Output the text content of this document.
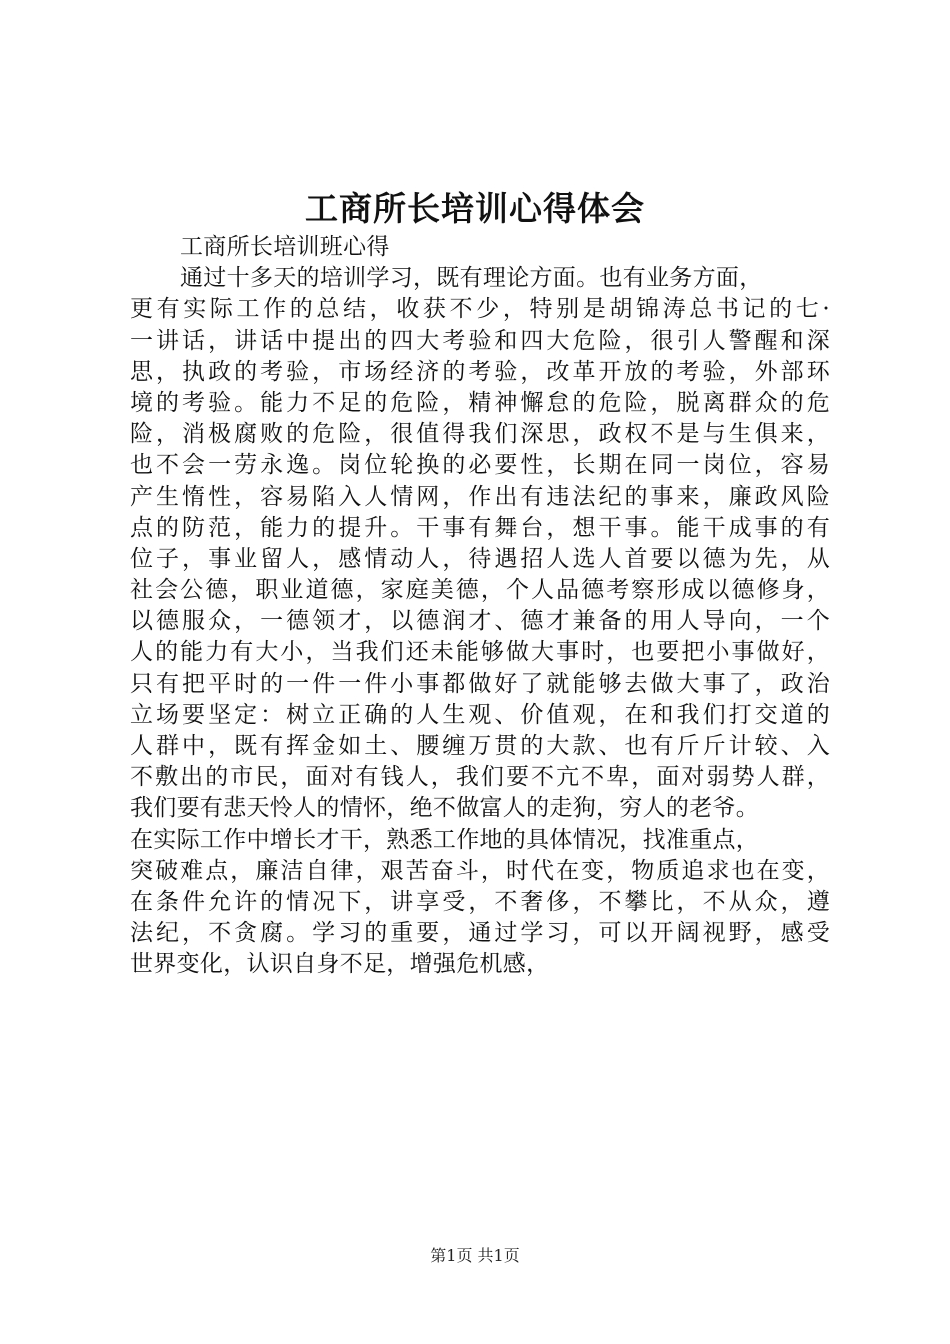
工商所长培训心得体会
工商所长培训班心得
通过十多天的培训学习，既有理论方面。也有业务方面，
更有实际工作的总结，收获不少，特别是胡锦涛总书记的七·
一讲话，讲话中提出的四大考验和四大危险，很引人警醒和深
思，执政的考验，市场经济的考验，改革开放的考验，外部环
境的考验。能力不足的危险，精神懈怠的危险，脱离群众的危
险，消极腐败的危险，很值得我们深思，政权不是与生俱来，
也不会一劳永逸。岗位轮换的必要性，长期在同一岗位，容易
产生惰性，容易陷入人情网，作出有违法纪的事来，廉政风险
点的防范，能力的提升。干事有舞台，想干事。能干成事的有
位子，事业留人，感情动人，待遇招人选人首要以德为先，从
社会公德，职业道德，家庭美德，个人品德考察形成以德修身，
以德服众，一德领才，以德润才、德才兼备的用人导向，一个
人的能力有大小，当我们还未能够做大事时，也要把小事做好，
只有把平时的一件一件小事都做好了就能够去做大事了，政治
立场要坚定：树立正确的人生观、价值观，在和我们打交道的
人群中，既有挥金如土、腰缠万贯的大款、也有斤斤计较、入
不敷出的市民，面对有钱人，我们要不亢不卑，面对弱势人群，
我们要有悲天怜人的情怀，绝不做富人的走狗，穷人的老爷。
在实际工作中增长才干，熟悉工作地的具体情况，找准重点，
突破难点，廉洁自律，艰苦奋斗，时代在变，物质追求也在变，
在条件允许的情况下，讲享受，不奢侈，不攀比，不从众，遵
法纪，不贪腐。学习的重要，通过学习，可以开阔视野，感受
世界变化，认识自身不足，增强危机感，
第1页 共1页
